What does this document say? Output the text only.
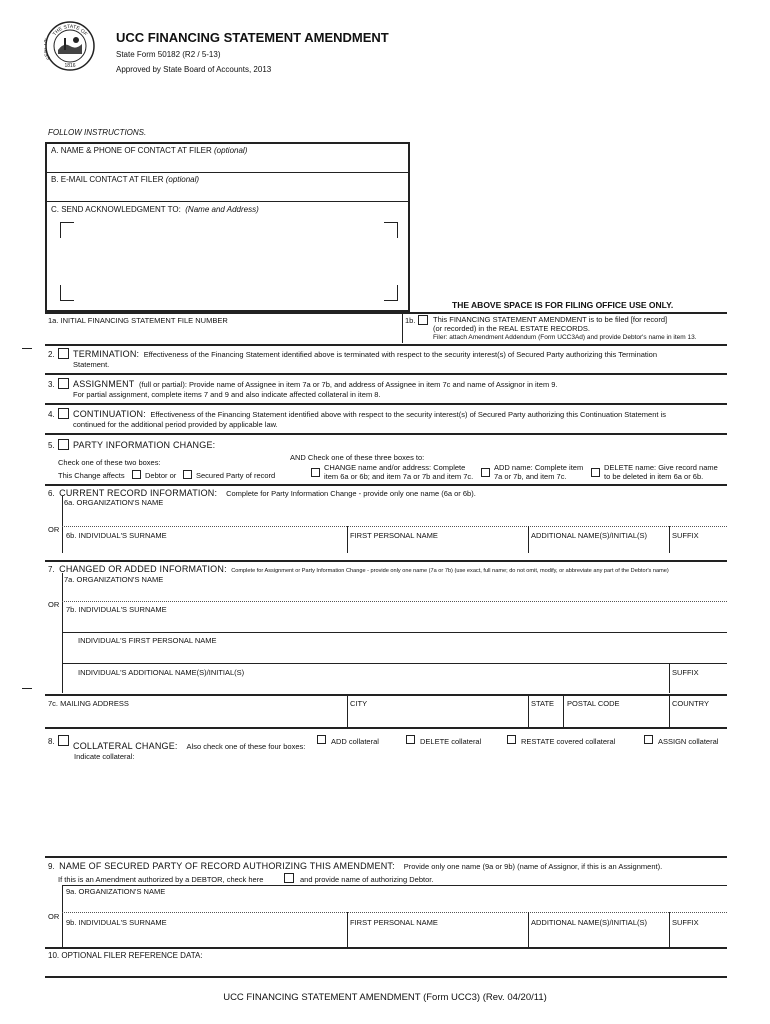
THE STATE OF
SE
1816
UCC FINANCING STATEMENT AMENDMENT
State Form 50182 (R2 / 5-13)
Approved by State Board of Accounts, 2013
FOLLOW INSTRUCTIONS.
A. NAME & PHONE OF CONTACT AT FILER (optional)
B. E-MAIL CONTACT AT FILER (optional)
C. SEND ACKNOWLEDGMENT TO: (Name and Address)
THE ABOVE SPACE IS FOR FILING OFFICE USE ONLY.
1a. INITIAL FINANCING STATEMENT FILE NUMBER	1b. This FINANCING STATEMENT AMENDMENT is to be filed [for record]
(or recorded) in the REAL ESTATE RECORDS.
Filer: attach Amendment Addendum (Form UCC3Ad) and provide Debtor's name in item 13.
2. TERMINATION: Effectiveness of the Financing Statement identified above is terminated with respect to the security interest(s) of Secured Party authorizing this Termination
Statement.
3. ASSIGNMENT (full or partial): Provide name of Assignee in item 7a or 7b, and address of Assignee in item 7c and name of Assignor in item 9.
For partial assignment, complete items 7 and 9 and also indicate affected collateral in item 8.
4. CONTINUATION: Effectiveness of the Financing Statement identified above with respect to the security interest(s) of Secured Party authorizing this Continuation Statement is
continued for the additional period provided by applicable law.
5. PARTY INFORMATION CHANGE:
Check one of these two boxes:
This Change affects	Debtor or	Secured Party of record
AND Check one of these three boxes to:
CHANGE name and/or address: Complete
item 6a or 6b; and item 7a or 7b and item 7c.
ADD name: Complete item
7a or 7b, and item 7c.
DELETE name: Give record name
to be deleted in item 6a or 6b.
6. CURRENT RECORD INFORMATION: Complete for Party Information Change - provide only one name (6a or 6b).
6a. ORGANIZATION'S NAME
OR
6b. INDIVIDUAL'S SURNAME	FIRST PERSONAL NAME	ADDITIONAL NAME(S)/INITIAL(S)	SUFFIX
7. CHANGED OR ADDED INFORMATION: Complete for Assignment or Party Information Change - provide only one name (7a or 7b) (use exact, full name; do not omit, modify, or abbreviate any part of the Debtor's name)
7a. ORGANIZATION'S NAME
OR
7b. INDIVIDUAL'S SURNAME
INDIVIDUAL'S FIRST PERSONAL NAME
INDIVIDUAL'S ADDITIONAL NAME(S)/INITIAL(S)	SUFFIX
7c. MAILING ADDRESS	CITY	STATE POSTAL CODE	COUNTRY
8. COLLATERAL CHANGE: Also check one of these four boxes:
ADD collateral	DELETE collateral	RESTATE covered collateral	ASSIGN collateral
Indicate collateral:
9. NAME OF SECURED PARTY OF RECORD AUTHORIZING THIS AMENDMENT: Provide only one name (9a or 9b) (name of Assignor, if this is an Assignment).
If this is an Amendment authorized by a DEBTOR, check here	and provide name of authorizing Debtor.
9a. ORGANIZATION'S NAME
OR
9b. INDIVIDUAL'S SURNAME	FIRST PERSONAL NAME	ADDITIONAL NAME(S)/INITIAL(S)	SUFFIX
10. OPTIONAL FILER REFERENCE DATA:
UCC FINANCING STATEMENT AMENDMENT (Form UCC3) (Rev. 04/20/11)
